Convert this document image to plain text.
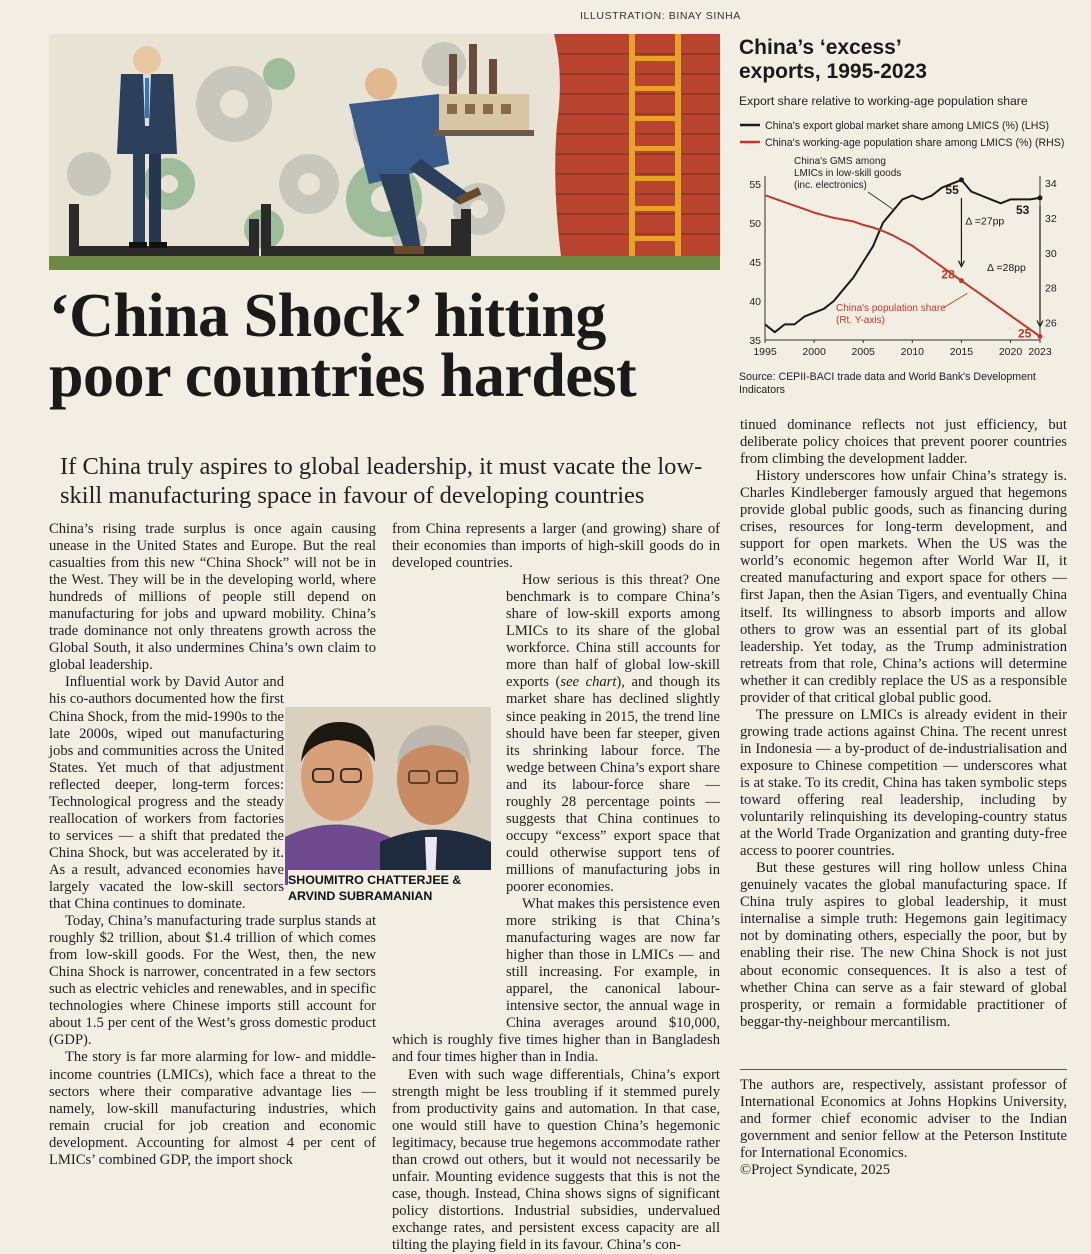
ILLUSTRATION: BINAY SINHA
China’s ‘excess’
exports, 1995-2023
Export share relative to working-age population share
China's export global market share among LMICS (%) (LHS)
China's working-age population share among LMICS (%) (RHS)
1995 2000 2005 2010 2015 2020 2023
35
40
45
50
55
26
28
30
32
34
55
53
28
25
Δ =27pp
Δ =28pp
China's GMS among
LMICs in low-skill goods
(inc. electronics)
China's population share
(Rt. Y-axis)
Source: CEPII-BACI trade data and World Bank's Development Indicators
‘China Shock’ hitting
poor countries hardest
If China truly aspires to global leadership, it must vacate the low-skill manufacturing space in favour of developing countries

China’s rising trade surplus is once again causing unease in the United States and Europe. But the real casualties from this new “China Shock” will not be in the West. They will be in the developing world, where hundreds of millions of people still depend on manufacturing for jobs and upward mobility. China’s trade dominance not only threatens growth across the Global South, it also undermines China’s own claim to global leadership.

Influential work by David Autor and his co-authors documented how the first China Shock, from the mid-1990s to the late 2000s, wiped out manufacturing jobs and communities across the United States. Yet much of that adjustment reflected deeper, long-term forces: Technological progress and the steady reallocation of workers from factories to services — a shift that predated the China Shock, but was accelerated by it. As a result, advanced economies have largely vacated the low-skill sectors that China continues to dominate.

Today, China’s manufacturing trade surplus stands at roughly $2 trillion, about $1.4 trillion of which comes from low-skill goods. For the West, then, the new China Shock is narrower, concentrated in a few sectors such as electric vehicles and renewables, and in specific technologies where Chinese imports still account for about 1.5 per cent of the West’s gross domestic product (GDP).

The story is far more alarming for low- and middle-income countries (LMICs), which face a threat to the sectors where their comparative advantage lies — namely, low-skill manufacturing industries, which remain crucial for job creation and economic development. Accounting for almost 4 per cent of LMICs’ combined GDP, the import shock

from China represents a larger (and growing) share of their economies than imports of high-skill goods do in developed countries.

How serious is this threat? One benchmark is to compare China’s share of low-skill exports among LMICs to its share of the global workforce. China still accounts for more than half of global low-skill exports (see chart), and though its market share has declined slightly since peaking in 2015, the trend line should have been far steeper, given its shrinking labour force. The wedge between China’s export share and its labour-force share — roughly 28 percentage points — suggests that China continues to occupy “excess” export space that could otherwise support tens of millions of manufacturing jobs in poorer economies.

What makes this persistence even more striking is that China’s manufacturing wages are now far higher than those in LMICs — and still increasing. For example, in apparel, the canonical labour-intensive sector, the annual wage in China averages around $10,000, which is roughly five times higher than in Bangladesh and four times higher than in India.

Even with such wage differentials, China’s export strength might be less troubling if it stemmed purely from productivity gains and automation. In that case, one would still have to question China’s hegemonic legitimacy, because true hegemons accommodate rather than crowd out others, but it would not necessarily be unfair. Mounting evidence suggests that this is not the case, though. Instead, China shows signs of significant policy distortions. Industrial subsidies, undervalued exchange rates, and persistent excess capacity are all tilting the playing field in its favour. China’s con-

SHOUMITRO CHATTERJEE &
ARVIND SUBRAMANIAN

tinued dominance reflects not just efficiency, but deliberate policy choices that prevent poorer countries from climbing the development ladder.

History underscores how unfair China’s strategy is. Charles Kindleberger famously argued that hegemons provide global public goods, such as financing during crises, resources for long-term development, and support for open markets. When the US was the world’s economic hegemon after World War II, it created manufacturing and export space for others — first Japan, then the Asian Tigers, and eventually China itself. Its willingness to absorb imports and allow others to grow was an essential part of its global leadership. Yet today, as the Trump administration retreats from that role, China’s actions will determine whether it can credibly replace the US as a responsible provider of that critical global public good.

The pressure on LMICs is already evident in their growing trade actions against China. The recent unrest in Indonesia — a by-product of de-industrialisation and exposure to Chinese competition — underscores what is at stake. To its credit, China has taken symbolic steps toward offering real leadership, including by voluntarily relinquishing its developing-country status at the World Trade Organization and granting duty-free access to poorer countries.

But these gestures will ring hollow unless China genuinely vacates the global manufacturing space. If China truly aspires to global leadership, it must internalise a simple truth: Hegemons gain legitimacy not by dominating others, especially the poor, but by enabling their rise. The new China Shock is not just about economic consequences. It is also a test of whether China can serve as a fair steward of global prosperity, or remain a formidable practitioner of beggar-thy-neighbour mercantilism.

The authors are, respectively, assistant professor of International Economics at Johns Hopkins University, and former chief economic adviser to the Indian government and senior fellow at the Peterson Institute for International Economics.
©Project Syndicate, 2025
